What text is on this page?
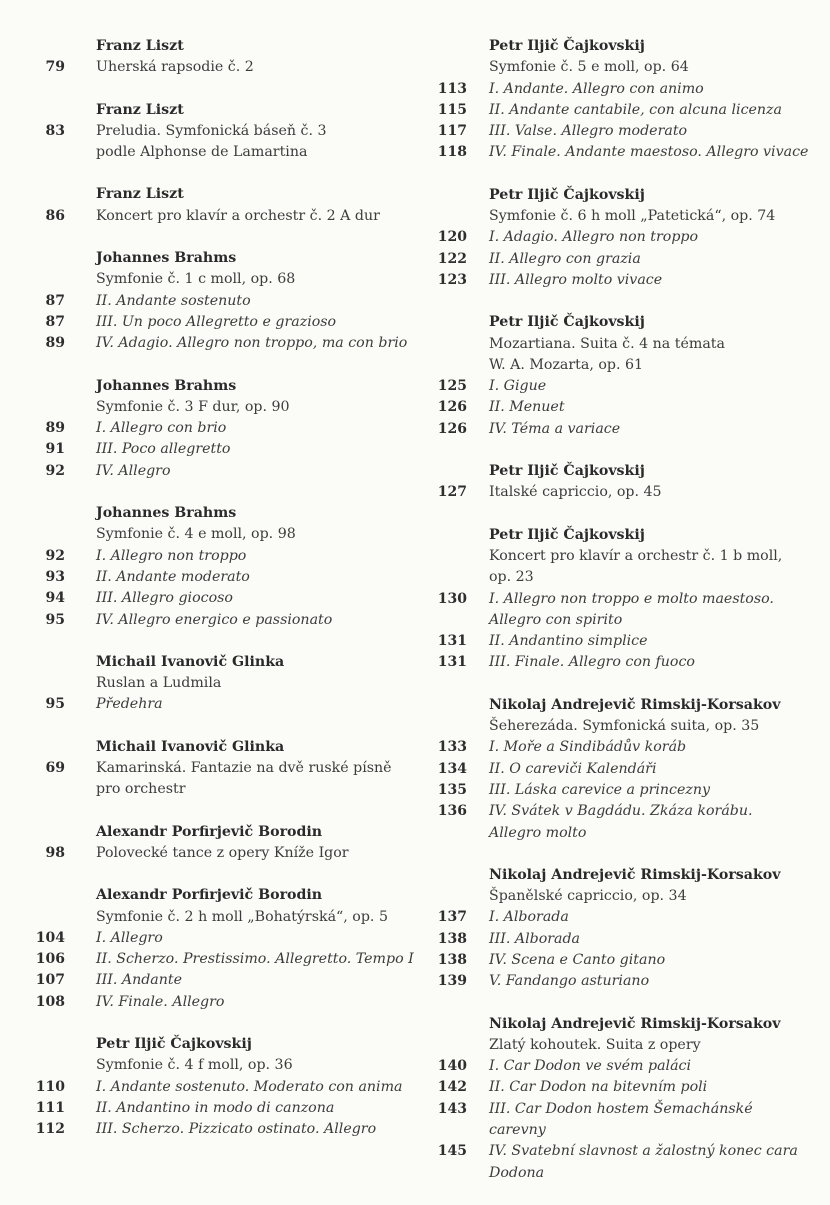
Franz Liszt
79 Uherská rapsodie č. 2
Franz Liszt
83 Preludia. Symfonická báseň č. 3
podle Alphonse de Lamartina
Franz Liszt
86 Koncert pro klavír a orchestr č. 2 A dur
Johannes Brahms
Symfonie č. 1 c moll, op. 68
87 II. Andante sostenuto
87 III. Un poco Allegretto e grazioso
89 IV. Adagio. Allegro non troppo, ma con brio
Johannes Brahms
Symfonie č. 3 F dur, op. 90
89 I. Allegro con brio
91 III. Poco allegretto
92 IV. Allegro
Johannes Brahms
Symfonie č. 4 e moll, op. 98
92 I. Allegro non troppo
93 II. Andante moderato
94 III. Allegro giocoso
95 IV. Allegro energico e passionato
Michail Ivanovič Glinka
Ruslan a Ludmila
95 Předehra
Michail Ivanovič Glinka
69 Kamarinská. Fantazie na dvě ruské písně
pro orchestr
Alexandr Porfirjevič Borodin
98 Polovecké tance z opery Kníže Igor
Alexandr Porfirjevič Borodin
Symfonie č. 2 h moll „Bohatýrská“, op. 5
104 I. Allegro
106 II. Scherzo. Prestissimo. Allegretto. Tempo I
107 III. Andante
108 IV. Finale. Allegro
Petr Iljič Čajkovskij
Symfonie č. 4 f moll, op. 36
110 I. Andante sostenuto. Moderato con anima
111 II. Andantino in modo di canzona
112 III. Scherzo. Pizzicato ostinato. Allegro
Petr Iljič Čajkovskij
Symfonie č. 5 e moll, op. 64
113 I. Andante. Allegro con animo
115 II. Andante cantabile, con alcuna licenza
117 III. Valse. Allegro moderato
118 IV. Finale. Andante maestoso. Allegro vivace
Petr Iljič Čajkovskij
Symfonie č. 6 h moll „Patetická“, op. 74
120 I. Adagio. Allegro non troppo
122 II. Allegro con grazia
123 III. Allegro molto vivace
Petr Iljič Čajkovskij
Mozartiana. Suita č. 4 na témata
W. A. Mozarta, op. 61
125 I. Gigue
126 II. Menuet
126 IV. Téma a variace
Petr Iljič Čajkovskij
127 Italské capriccio, op. 45
Petr Iljič Čajkovskij
Koncert pro klavír a orchestr č. 1 b moll,
op. 23
130 I. Allegro non troppo e molto maestoso.
Allegro con spirito
131 II. Andantino simplice
131 III. Finale. Allegro con fuoco
Nikolaj Andrejevič Rimskij-Korsakov
Šeherezáda. Symfonická suita, op. 35
133 I. Moře a Sindibádův koráb
134 II. O careviči Kalendáři
135 III. Láska carevice a princezny
136 IV. Svátek v Bagdádu. Zkáza korábu.
Allegro molto
Nikolaj Andrejevič Rimskij-Korsakov
Španělské capriccio, op. 34
137 I. Alborada
138 III. Alborada
138 IV. Scena e Canto gitano
139 V. Fandango asturiano
Nikolaj Andrejevič Rimskij-Korsakov
Zlatý kohoutek. Suita z opery
140 I. Car Dodon ve svém paláci
142 II. Car Dodon na bitevním poli
143 III. Car Dodon hostem Šemachánské
carevny
145 IV. Svatební slavnost a žalostný konec cara
Dodona
